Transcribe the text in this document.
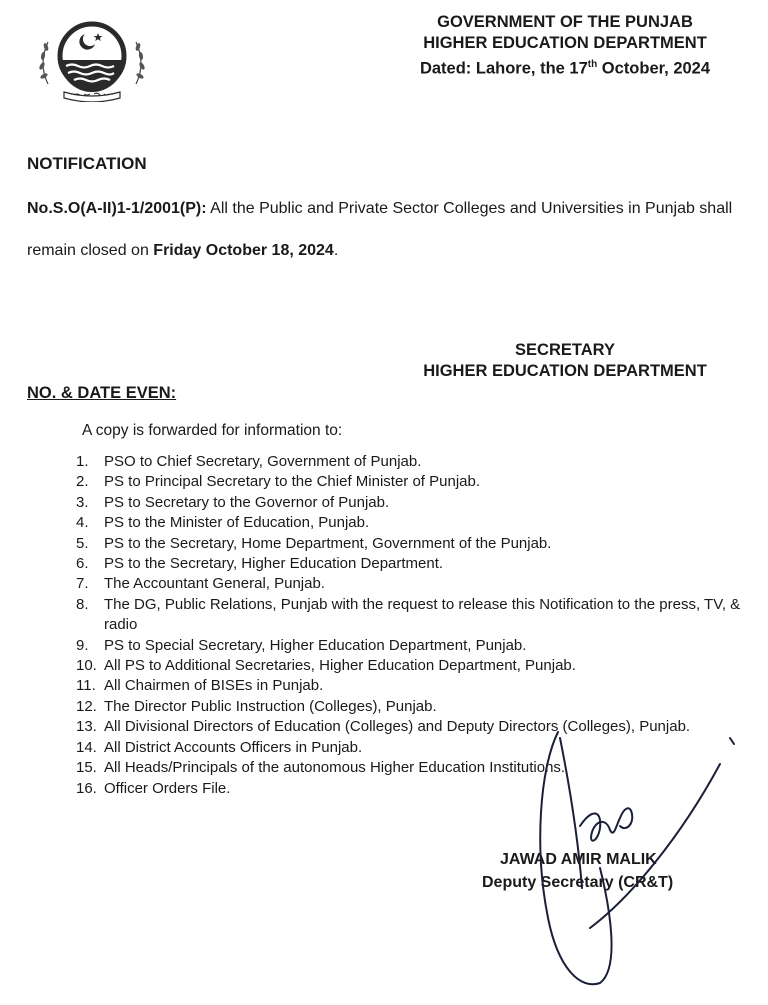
GOVERNMENT OF THE PUNJAB
HIGHER EDUCATION DEPARTMENT
Dated: Lahore, the 17th October, 2024
NOTIFICATION
No.S.O(A-II)1-1/2001(P): All the Public and Private Sector Colleges and Universities in Punjab shall remain closed on Friday October 18, 2024.
SECRETARY
HIGHER EDUCATION DEPARTMENT
NO. & DATE EVEN:
A copy is forwarded for information to:
1.	PSO to Chief Secretary, Government of Punjab.
2.	PS to Principal Secretary to the Chief Minister of Punjab.
3.	PS to Secretary to the Governor of Punjab.
4.	PS to the Minister of Education, Punjab.
5.	PS to the Secretary, Home Department, Government of the Punjab.
6.	PS to the Secretary, Higher Education Department.
7.	The Accountant General, Punjab.
8.	The DG, Public Relations, Punjab with the request to release this Notification to the press, TV, & radio
9.	PS to Special Secretary, Higher Education Department, Punjab.
10. All PS to Additional Secretaries, Higher Education Department, Punjab.
11. All Chairmen of BISEs in Punjab.
12. The Director Public Instruction (Colleges), Punjab.
13. All Divisional Directors of Education (Colleges) and Deputy Directors (Colleges), Punjab.
14. All District Accounts Officers in Punjab.
15. All Heads/Principals of the autonomous Higher Education Institutions.
16. Officer Orders File.
JAWAD AMIR MALIK
Deputy Secretary (CR&T)
